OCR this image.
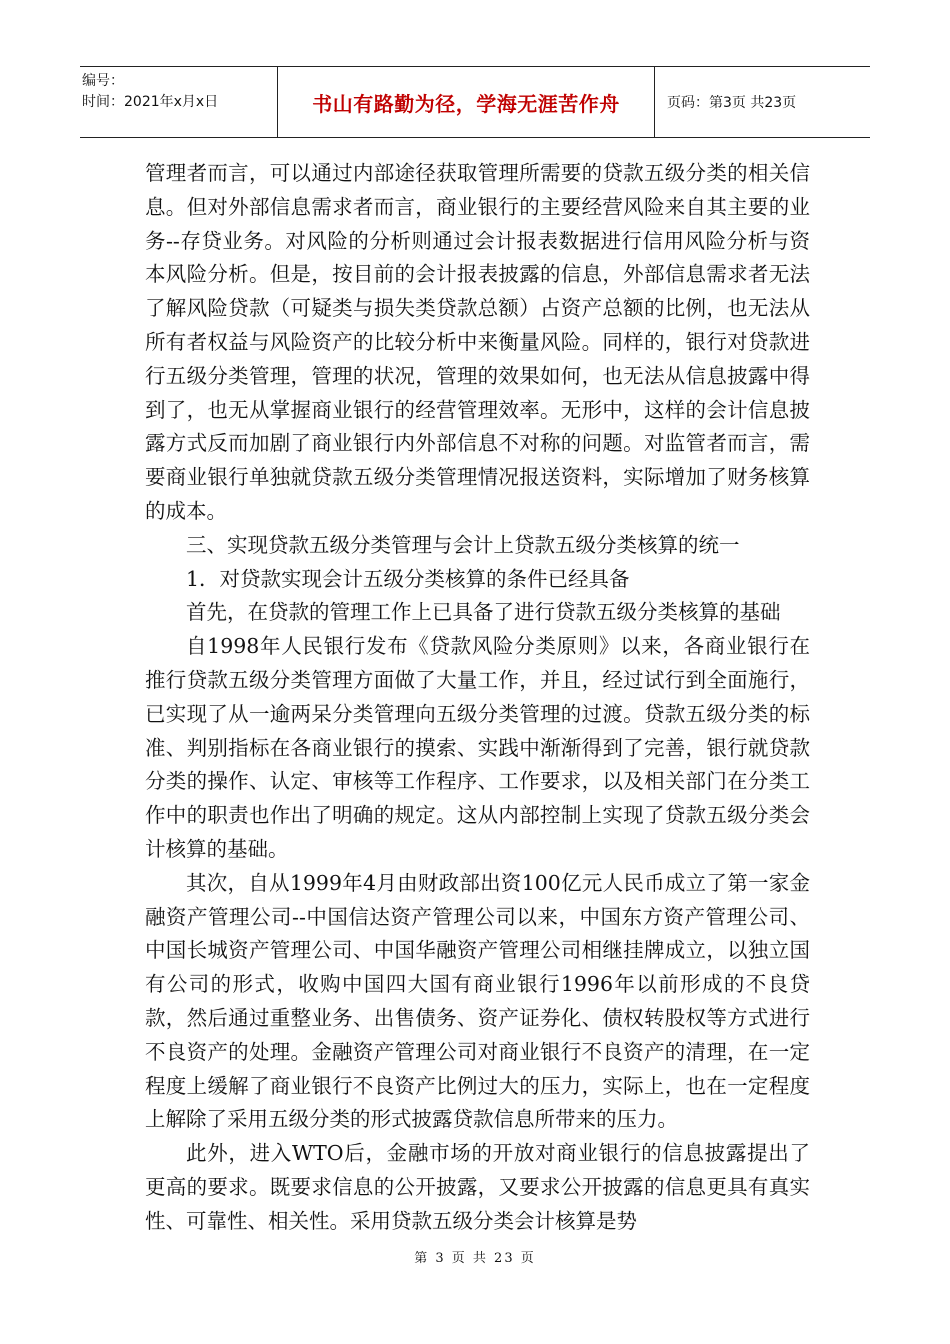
编号：
时间：2021年x月x日	书山有路勤为径，学海无涯苦作舟	页码：第3页 共23页

管理者而言，可以通过内部途径获取管理所需要的贷款五级分类的相关信息。但对外部信息需求者而言，商业银行的主要经营风险来自其主要的业务--存贷业务。对风险的分析则通过会计报表数据进行信用风险分析与资本风险分析。但是，按目前的会计报表披露的信息，外部信息需求者无法了解风险贷款（可疑类与损失类贷款总额）占资产总额的比例，也无法从所有者权益与风险资产的比较分析中来衡量风险。同样的，银行对贷款进行五级分类管理，管理的状况，管理的效果如何，也无法从信息披露中得到了，也无从掌握商业银行的经营管理效率。无形中，这样的会计信息披露方式反而加剧了商业银行内外部信息不对称的问题。对监管者而言，需要商业银行单独就贷款五级分类管理情况报送资料，实际增加了财务核算的成本。

三、实现贷款五级分类管理与会计上贷款五级分类核算的统一

1．对贷款实现会计五级分类核算的条件已经具备

首先，在贷款的管理工作上已具备了进行贷款五级分类核算的基础

自1998年人民银行发布《贷款风险分类原则》以来，各商业银行在推行贷款五级分类管理方面做了大量工作，并且，经过试行到全面施行，已实现了从一逾两呆分类管理向五级分类管理的过渡。贷款五级分类的标准、判别指标在各商业银行的摸索、实践中渐渐得到了完善，银行就贷款分类的操作、认定、审核等工作程序、工作要求，以及相关部门在分类工作中的职责也作出了明确的规定。这从内部控制上实现了贷款五级分类会计核算的基础。

其次，自从1999年4月由财政部出资100亿元人民币成立了第一家金融资产管理公司--中国信达资产管理公司以来，中国东方资产管理公司、中国长城资产管理公司、中国华融资产管理公司相继挂牌成立，以独立国有公司的形式，收购中国四大国有商业银行1996年以前形成的不良贷款，然后通过重整业务、出售债务、资产证券化、债权转股权等方式进行不良资产的处理。金融资产管理公司对商业银行不良资产的清理，在一定程度上缓解了商业银行不良资产比例过大的压力，实际上，也在一定程度上解除了采用五级分类的形式披露贷款信息所带来的压力。

此外，进入WTO后，金融市场的开放对商业银行的信息披露提出了更高的要求。既要求信息的公开披露，又要求公开披露的信息更具有真实性、可靠性、相关性。采用贷款五级分类会计核算是势

第 3 页 共 23 页
